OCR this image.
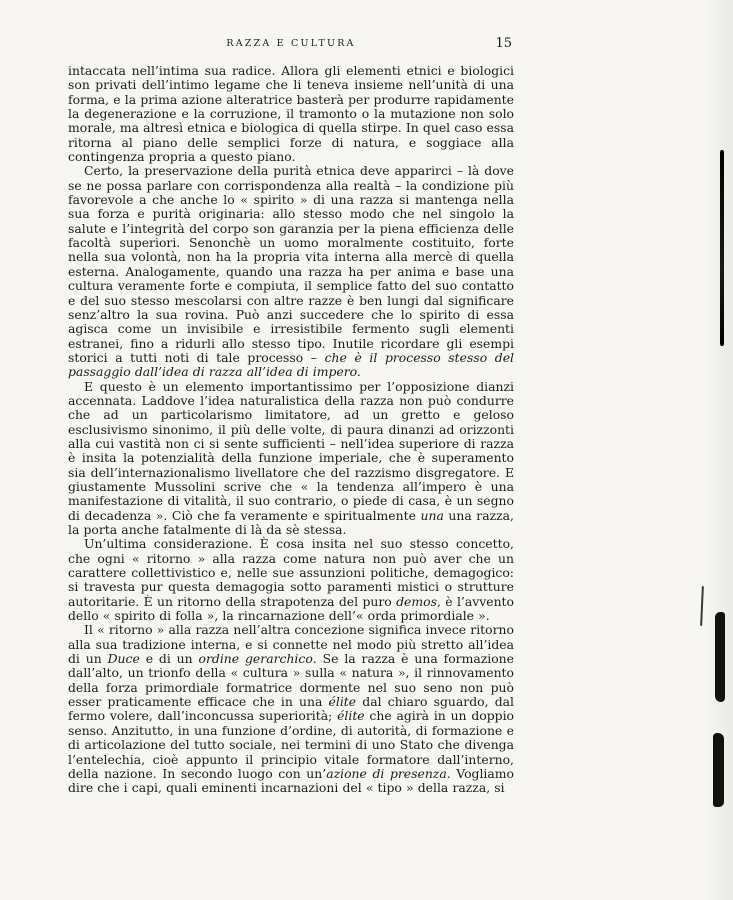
RAZZA E CULTURA	15

intaccata nell’intima sua radice. Allora gli elementi etnici e biologici son privati dell’intimo legame che li teneva insieme nell’unità di una forma, e la prima azione alteratrice basterà per produrre rapidamente la degenerazione e la corruzione, il tramonto o la mutazione non solo morale, ma altresì etnica e biologica di quella stirpe. In quel caso essa ritorna al piano delle semplici forze di natura, e soggiace alla contingenza propria a questo piano.

Certo, la preservazione della purità etnica deve apparirci – là dove se ne possa parlare con corrispondenza alla realtà – la condizione più favorevole a che anche lo « spirito » di una razza si mantenga nella sua forza e purità originaria: allo stesso modo che nel singolo la salute e l’integrità del corpo son garanzia per la piena efficienza delle facoltà superiori. Senonchè un uomo moralmente costituito, forte nella sua volontà, non ha la propria vita interna alla mercè di quella esterna. Analogamente, quando una razza ha per anima e base una cultura veramente forte e compiuta, il semplice fatto del suo contatto e del suo stesso mescolarsi con altre razze è ben lungi dal significare senz’altro la sua rovina. Può anzi succedere che lo spirito di essa agisca come un invisibile e irresistibile fermento sugli elementi estranei, fino a ridurli allo stesso tipo. Inutile ricordare gli esempi storici a tutti noti di tale processo – che è il processo stesso del passaggio dall’idea di razza all’idea di impero.

E questo è un elemento importantissimo per l’opposizione dianzi accennata. Laddove l’idea naturalistica della razza non può condurre che ad un particolarismo limitatore, ad un gretto e geloso esclusivismo sinonimo, il più delle volte, di paura dinanzi ad orizzonti alla cui vastità non ci si sente sufficienti – nell’idea superiore di razza è insita la potenzialità della funzione imperiale, che è superamento sia dell’internazionalismo livellatore che del razzismo disgregatore. E giustamente Mussolini scrive che « la tendenza all’impero è una manifestazione di vitalità, il suo contrario, o piede di casa, è un segno di decadenza ». Ciò che fa veramente e spiritualmente una una razza, la porta anche fatalmente di là da sè stessa.

Un’ultima considerazione. È cosa insita nel suo stesso concetto, che ogni « ritorno » alla razza come natura non può aver che un carattere collettivistico e, nelle sue assunzioni politiche, demagogico: si travesta pur questa demagogia sotto paramenti mistici o strutture autoritarie. È un ritorno della strapotenza del puro demos, è l’avvento dello « spirito di folla », la rincarnazione dell’« orda primordiale ».

Il « ritorno » alla razza nell’altra concezione significa invece ritorno alla sua tradizione interna, e si connette nel modo più stretto all’idea di un Duce e di un ordine gerarchico. Se la razza è una formazione dall’alto, un trionfo della « cultura » sulla « natura », il rinnovamento della forza primordiale formatrice dormente nel suo seno non può esser praticamente efficace che in una élite dal chiaro sguardo, dal fermo volere, dall’inconcussa superiorità; élite che agirà in un doppio senso. Anzitutto, in una funzione d’ordine, di autorità, di formazione e di articolazione del tutto sociale, nei termini di uno Stato che divenga l’entelechia, cioè appunto il principio vitale formatore dall’interno, della nazione. In secondo luogo con un’azione di presenza. Vogliamo dire che i capi, quali eminenti incarnazioni del « tipo » della razza, si
